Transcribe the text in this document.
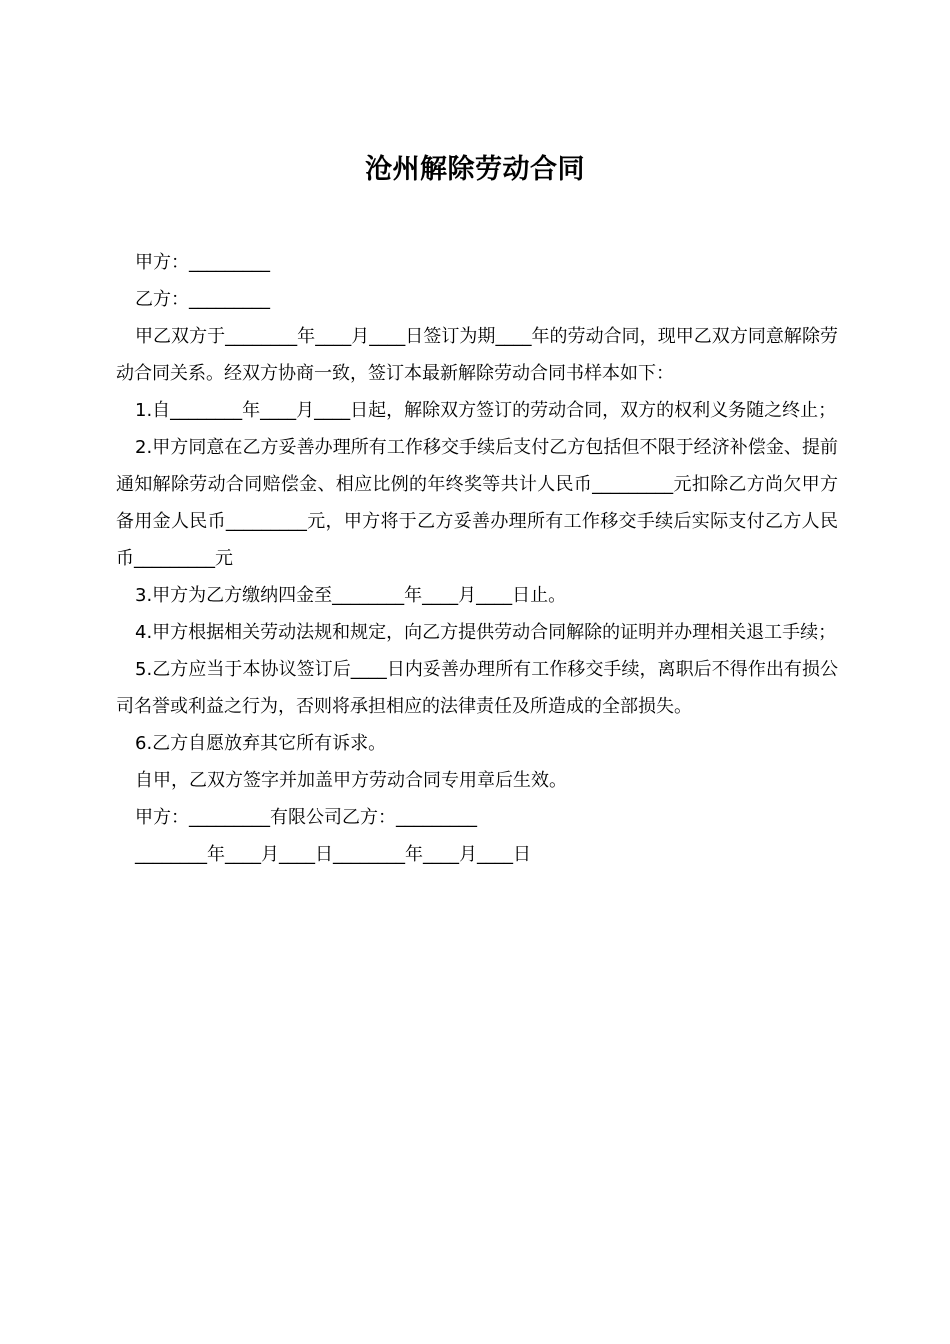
沧州解除劳动合同

甲方：_________

乙方：_________

甲乙双方于________年____月____日签订为期____年的劳动合同，现甲乙双方同意解除劳动合同关系。经双方协商一致，签订本最新解除劳动合同书样本如下：

1.自________年____月____日起，解除双方签订的劳动合同，双方的权利义务随之终止；

2.甲方同意在乙方妥善办理所有工作移交手续后支付乙方包括但不限于经济补偿金、提前通知解除劳动合同赔偿金、相应比例的年终奖等共计人民币_________元扣除乙方尚欠甲方备用金人民币_________元，甲方将于乙方妥善办理所有工作移交手续后实际支付乙方人民币_________元

3.甲方为乙方缴纳四金至________年____月____日止。

4.甲方根据相关劳动法规和规定，向乙方提供劳动合同解除的证明并办理相关退工手续；

5.乙方应当于本协议签订后____日内妥善办理所有工作移交手续，离职后不得作出有损公司名誉或利益之行为，否则将承担相应的法律责任及所造成的全部损失。

6.乙方自愿放弃其它所有诉求。

自甲，乙双方签字并加盖甲方劳动合同专用章后生效。

甲方：_________有限公司乙方：_________

________年____月____日________年____月____日
